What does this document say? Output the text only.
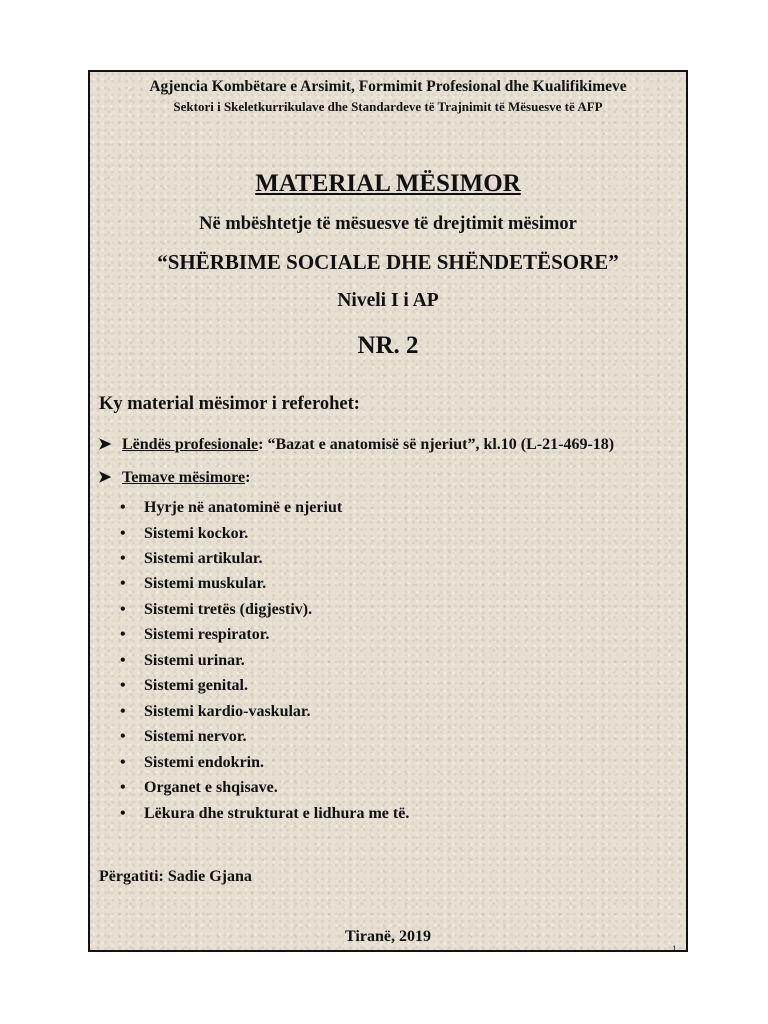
Agjencia Kombëtare e Arsimit, Formimit Profesional dhe Kualifikimeve
Sektori i Skeletkurrikulave dhe Standardeve të Trajnimit të Mësuesve të AFP
MATERIAL MËSIMOR
Në mbështetje të mësuesve të drejtimit mësimor
“SHËRBIME SOCIALE DHE SHËNDETËSORE”
Niveli I i AP
NR. 2
Ky material mësimor i referohet:
➤ Lëndës profesionale: “Bazat e anatomisë së njeriut”, kl.10 (L-21-469-18)
➤ Temave mësimore:
• Hyrje në anatominë e njeriut
• Sistemi kockor.
• Sistemi artikular.
• Sistemi muskular.
• Sistemi tretës (digjestiv).
• Sistemi respirator.
• Sistemi urinar.
• Sistemi genital.
• Sistemi kardio-vaskular.
• Sistemi nervor.
• Sistemi endokrin.
• Organet e shqisave.
• Lëkura dhe strukturat e lidhura me të.
Përgatiti: Sadie Gjana
Tiranë, 2019
1
